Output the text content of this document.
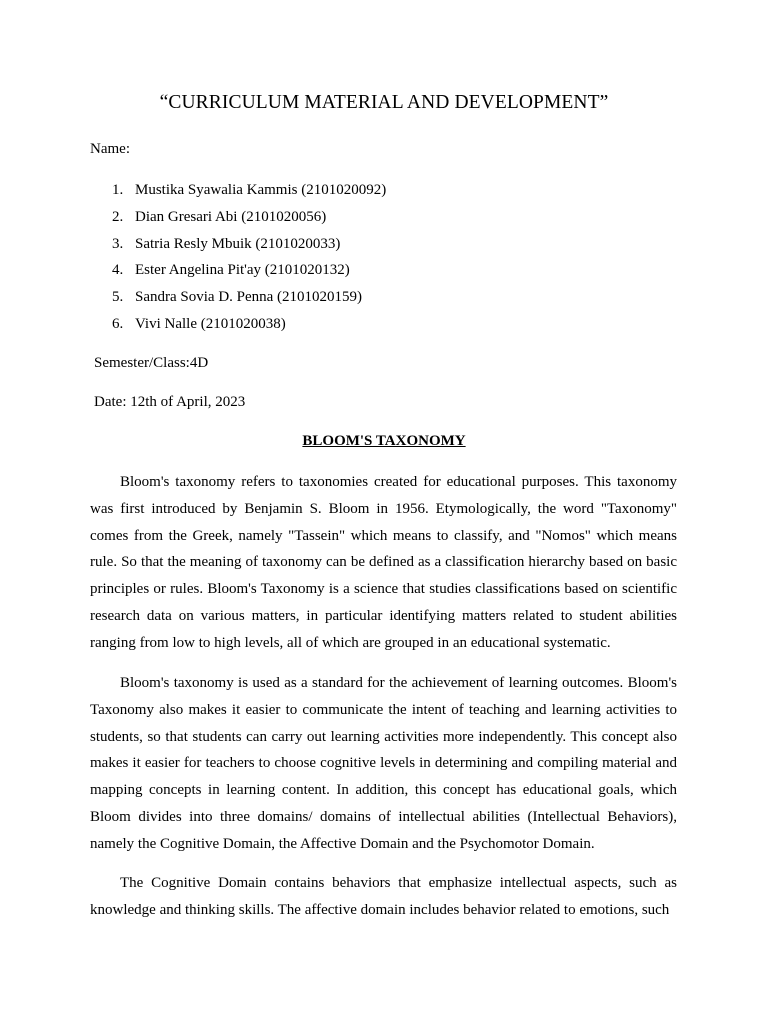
“CURRICULUM MATERIAL AND DEVELOPMENT”

Name:

1. Mustika Syawalia Kammis (2101020092)
2. Dian Gresari Abi (2101020056)
3. Satria Resly Mbuik (2101020033)
4. Ester Angelina Pit'ay (2101020132)
5. Sandra Sovia D. Penna (2101020159)
6. Vivi Nalle (2101020038)

Semester/Class:4D

Date: 12th of April, 2023

BLOOM'S TAXONOMY

Bloom's taxonomy refers to taxonomies created for educational purposes. This taxonomy was first introduced by Benjamin S. Bloom in 1956. Etymologically, the word "Taxonomy" comes from the Greek, namely "Tassein" which means to classify, and "Nomos" which means rule. So that the meaning of taxonomy can be defined as a classification hierarchy based on basic principles or rules. Bloom's Taxonomy is a science that studies classifications based on scientific research data on various matters, in particular identifying matters related to student abilities ranging from low to high levels, all of which are grouped in an educational systematic.

Bloom's taxonomy is used as a standard for the achievement of learning outcomes. Bloom's Taxonomy also makes it easier to communicate the intent of teaching and learning activities to students, so that students can carry out learning activities more independently. This concept also makes it easier for teachers to choose cognitive levels in determining and compiling material and mapping concepts in learning content. In addition, this concept has educational goals, which Bloom divides into three domains/ domains of intellectual abilities (Intellectual Behaviors), namely the Cognitive Domain, the Affective Domain and the Psychomotor Domain.

The Cognitive Domain contains behaviors that emphasize intellectual aspects, such as knowledge and thinking skills. The affective domain includes behavior related to emotions, such
